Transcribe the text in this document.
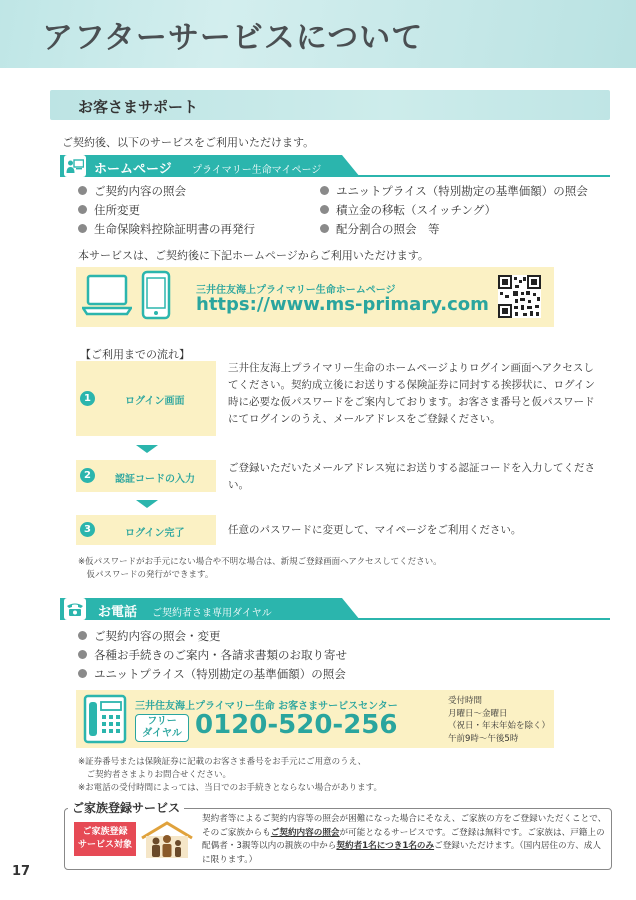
アフターサービスについて
お客さまサポート
ご契約後、以下のサービスをご利用いただけます。
ホームページ プライマリー生命マイページ
ご契約内容の照会
住所変更
生命保険料控除証明書の再発行
ユニットプライス（特別勘定の基準価額）の照会
積立金の移転（スイッチング）
配分割合の照会　等
本サービスは、ご契約後に下記ホームページからご利用いただけます。
三井住友海上プライマリー生命ホームページ
https://www.ms-primary.com
【ご利用までの流れ】
1	ログイン画面
三井住友海上プライマリー生命のホームページよりログイン画面へアクセスしてください。契約成立後にお送りする保険証券に同封する挨拶状に、ログイン時に必要な仮パスワードをご案内しております。お客さま番号と仮パスワードにてログインのうえ、メールアドレスをご登録ください。
2	認証コードの入力
ご登録いただいたメールアドレス宛にお送りする認証コードを入力してください。
3	ログイン完了	任意のパスワードに変更して、マイページをご利用ください。
※仮パスワードがお手元にない場合や不明な場合は、新規ご登録画面へアクセスしてください。
　仮パスワードの発行ができます。
お電話 ご契約者さま専用ダイヤル
ご契約内容の照会・変更
各種お手続きのご案内・各請求書類のお取り寄せ
ユニットプライス（特別勘定の基準価額）の照会
三井住友海上プライマリー生命 お客さまサービスセンター
フリー
ダイヤル 0120-520-256
受付時間
月曜日～金曜日
（祝日・年末年始を除く）
午前9時～午後5時
※証券番号または保険証券に記載のお客さま番号をお手元にご用意のうえ、
　ご契約者さまよりお問合せください。
※お電話の受付時間によっては、当日でのお手続きとならない場合があります。
ご家族登録サービス
ご家族登録
サービス対象
契約者等によるご契約内容等の照会が困難になった場合にそなえ、ご家族の方をご登録いただくことで、そのご家族からもご契約内容の照会が可能となるサービスです。ご登録は無料です。ご家族は、戸籍上の配偶者・3親等以内の親族の中から契約者1名につき1名のみご登録いただけます。（国内居住の方、成人に限ります。）
17
